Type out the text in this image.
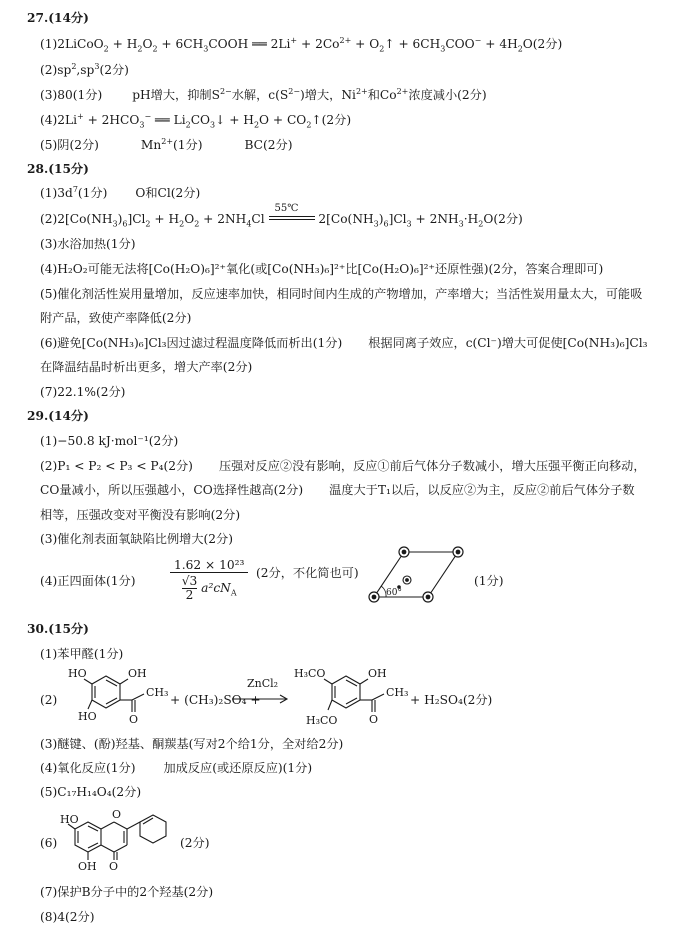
27.(14分)
(1)2LiCoO$_2$ + $H_2O_2$ + $6CH_3COOH$ ══ $2Li^+ + 2Co^{2+}$ + $O_2↑ + 6CH_3COO^- + 4H_2O(2$分)
$(2)sp^2,sp^3(2$分)
(3)80(1分) pH增大，抑制$S^{2-}$水解，$c(S^{2-})$增大，$Ni^{2+}$和$Co^{2+}$浓度减小(2分)
$(4)2Li^+ + 2HCO_3^-$ ══ $Li_2CO_3↓ + H_2O$ + $CO_2↑(2$分)
(5)阴(2分)	$Mn^{2+}(1$分)	BC(2分)
28.(15分)
$(1)3d^7(1$分) O和Cl(2分)
$(2)2[Co(NH_3)_6]Cl_2 + H_2O_2 + 2NH_4Cl$
55℃
$2[Co(NH_3)_6]Cl_3 + 2NH_3\cdot H_2O(2$分)
(3)水浴加热(1分)
(4)H₂O₂可能无法将[Co(H₂O)₆]²⁺氧化(或[Co(NH₃)₆]²⁺比[Co(H₂O)₆]²⁺还原性强)(2分，答案合理即可)
(5)催化剂活性炭用量增加，反应速率加快，相同时间内生成的产物增加，产率增大；当活性炭用量太大，可能吸
附产品，致使产率降低(2分)
(6)避免[Co(NH₃)₆]Cl₃因过滤过程温度降低而析出(1分) 根据同离子效应，c(Cl⁻)增大可促使[Co(NH₃)₆]Cl₃
在降温结晶时析出更多，增大产率(2分)
(7)22.1%(2分)
29.(14分)
(1)−50.8 kJ·mol⁻¹(2分)
(2)P₁ < P₂ < P₃ < P₄(2分) 压强对反应②没有影响，反应①前后气体分子数减小，增大压强平衡正向移动，
CO量减小，所以压强越小，CO选择性越高(2分) 温度大于T₁以后，以反应②为主，反应②前后气体分子数
相等，压强改变对平衡没有影响(2分)
(3)催化剂表面氧缺陷比例增大(2分)
(4)正四面体(1分)
1.62 × 10²³
$\frac{√3}{2} a^2cN_A$
(2分，不化简也可)
60°
(1分)
30.(15分)
(1)苯甲醛(1分)
(2)
HO	OH
CH₃
HO	O
+ (CH₃)₂SO₄ +
ZnCl₂
H₃CO	OH
CH₃
H₃CO	O
+ H₂SO₄(2分)
(3)醚键、(酚)羟基、酮羰基(写对2个给1分，全对给2分)
(4)氧化反应(1分) 加成反应(或还原反应)(1分)
(5)C₁₇H₁₄O₄(2分)
(6)
HO	O
OH O
(2分)
(7)保护B分子中的2个羟基(2分)
(8)4(2分)
